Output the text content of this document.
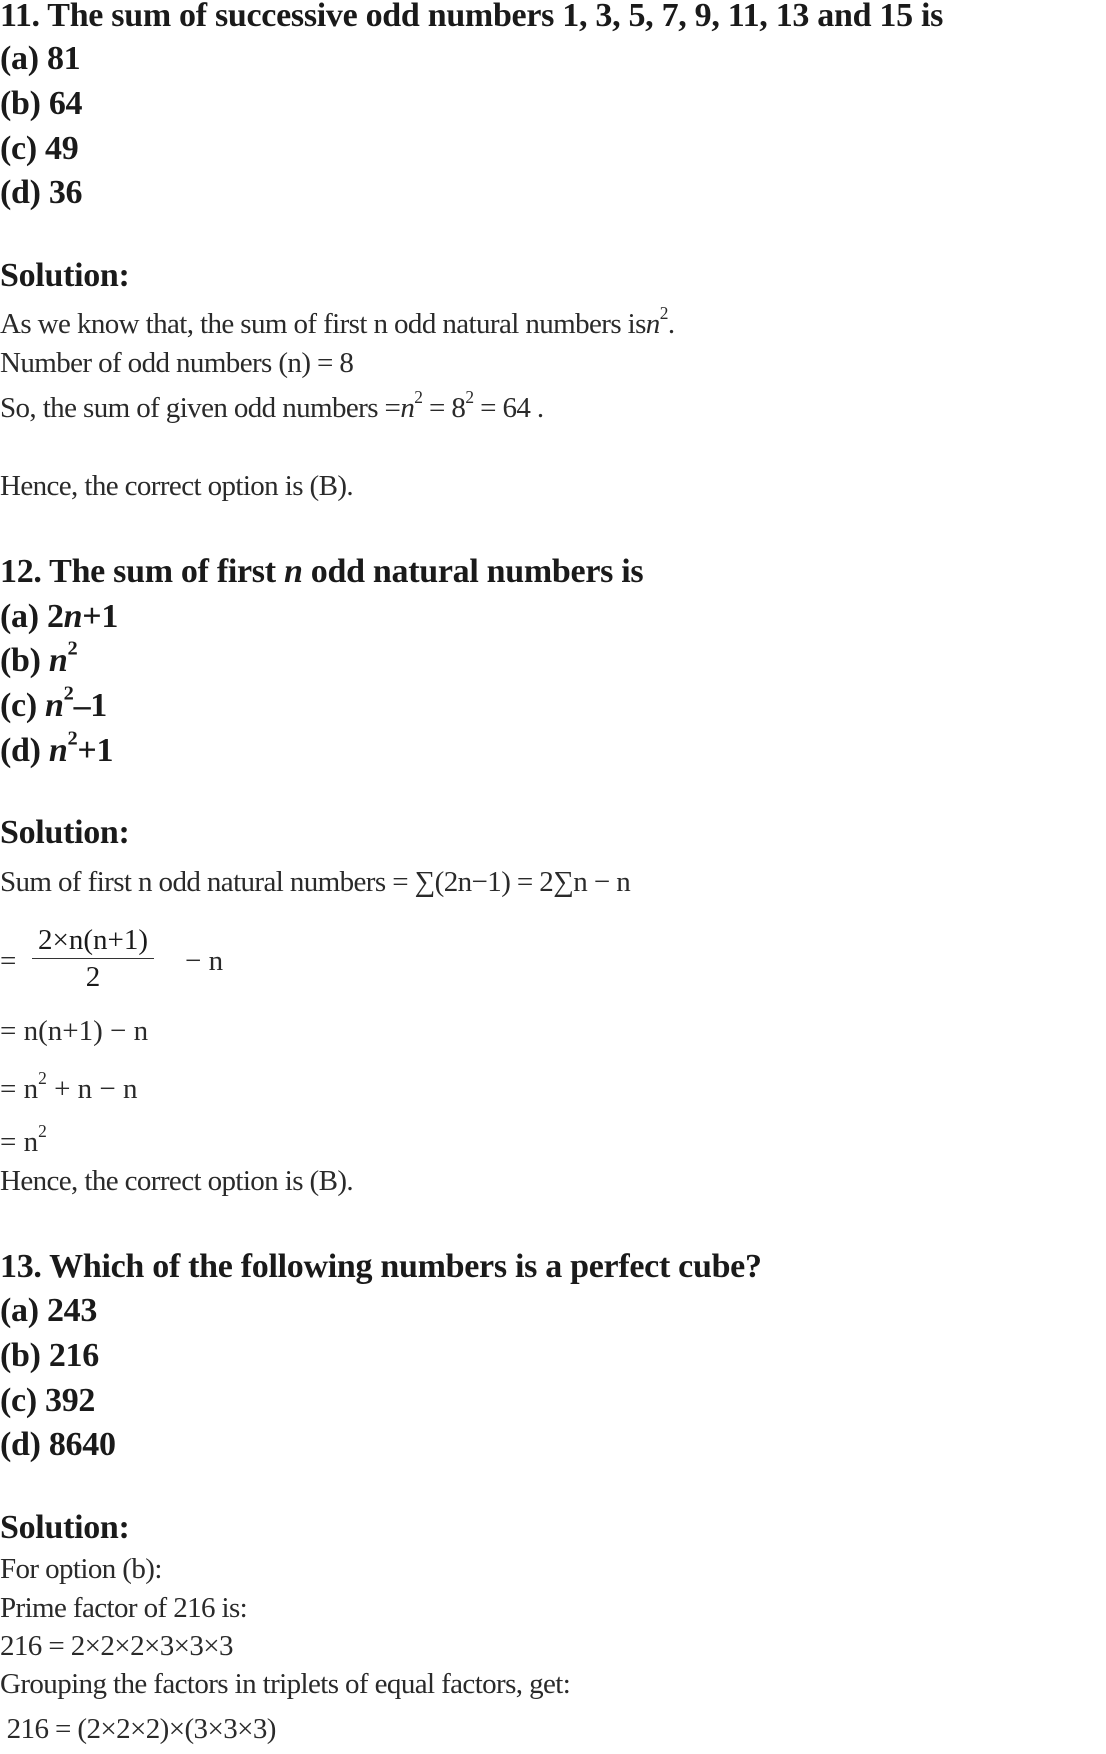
11. The sum of successive odd numbers 1, 3, 5, 7, 9, 11, 13 and 15 is
(a) 81
(b) 64
(c) 49
(d) 36
Solution:
As we know that, the sum of first n odd natural numbers isn$^2$.
Number of odd numbers (n) = 8
So, the sum of given odd numbers $=n^2 = 8^2 = 64$ .
Hence, the correct option is (B).
12. The sum of first n odd natural numbers is
(a) 2n+1
(b) $n^2$
(c) $n^2-1$
(d) $n^2+1$
Solution:
Sum of first n odd natural numbers = ∑(2n−1) = 2∑n − n
= $\frac{2\times n(n+1)}{2} - n$
= n(n+1) − n
= $n^2 + n - n$
= $n^2$
Hence, the correct option is (B).
13. Which of the following numbers is a perfect cube?
(a) 243
(b) 216
(c) 392
(d) 8640
Solution:
For option (b):
Prime factor of 216 is:
216 = 2×2×2×3×3×3
Grouping the factors in triplets of equal factors, get:
216 = (2×2×2)×(3×3×3)
